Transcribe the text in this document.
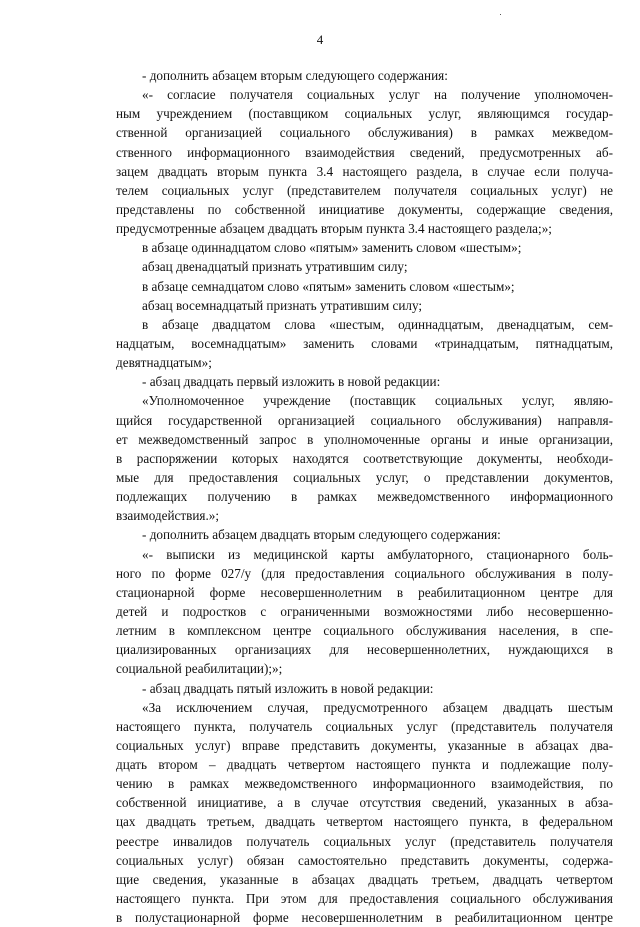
4
- дополнить абзацем вторым следующего содержания:
«- согласие получателя социальных услуг на получение уполномочен-
ным учреждением (поставщиком социальных услуг, являющимся государ-
ственной организацией социального обслуживания) в рамках межведом-
ственного информационного взаимодействия сведений, предусмотренных аб-
зацем двадцать вторым пункта 3.4 настоящего раздела, в случае если получа-
телем социальных услуг (представителем получателя социальных услуг) не
представлены по собственной инициативе документы, содержащие сведения,
предусмотренные абзацем двадцать вторым пункта 3.4 настоящего раздела;»;
в абзаце одиннадцатом слово «пятым» заменить словом «шестым»;
абзац двенадцатый признать утратившим силу;
в абзаце семнадцатом слово «пятым» заменить словом «шестым»;
абзац восемнадцатый признать утратившим силу;
в абзаце двадцатом слова «шестым, одиннадцатым, двенадцатым, сем-
надцатым, восемнадцатым» заменить словами «тринадцатым, пятнадцатым,
девятнадцатым»;
- абзац двадцать первый изложить в новой редакции:
«Уполномоченное учреждение (поставщик социальных услуг, являю-
щийся государственной организацией социального обслуживания) направля-
ет межведомственный запрос в уполномоченные органы и иные организации,
в распоряжении которых находятся соответствующие документы, необходи-
мые для предоставления социальных услуг, о представлении документов,
подлежащих получению в рамках межведомственного информационного
взаимодействия.»;
- дополнить абзацем двадцать вторым следующего содержания:
«- выписки из медицинской карты амбулаторного, стационарного боль-
ного по форме 027/у (для предоставления социального обслуживания в полу-
стационарной форме несовершеннолетним в реабилитационном центре для
детей и подростков с ограниченными возможностями либо несовершенно-
летним в комплексном центре социального обслуживания населения, в спе-
циализированных организациях для несовершеннолетних, нуждающихся в
социальной реабилитации);»;
- абзац двадцать пятый изложить в новой редакции:
«За исключением случая, предусмотренного абзацем двадцать шестым
настоящего пункта, получатель социальных услуг (представитель получателя
социальных услуг) вправе представить документы, указанные в абзацах два-
дцать втором – двадцать четвертом настоящего пункта и подлежащие полу-
чению в рамках межведомственного информационного взаимодействия, по
собственной инициативе, а в случае отсутствия сведений, указанных в абза-
цах двадцать третьем, двадцать четвертом настоящего пункта, в федеральном
реестре инвалидов получатель социальных услуг (представитель получателя
социальных услуг) обязан самостоятельно представить документы, содержа-
щие сведения, указанные в абзацах двадцать третьем, двадцать четвертом
настоящего пункта. При этом для предоставления социального обслуживания
в полустационарной форме несовершеннолетним в реабилитационном центре
